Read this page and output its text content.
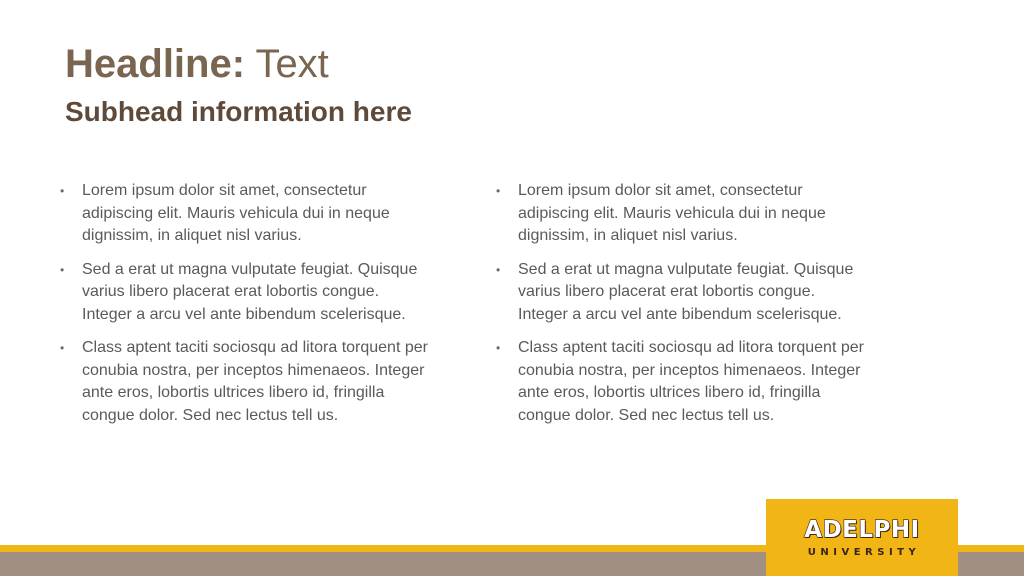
Headline: Text
Subhead information here
•	Lorem ipsum dolor sit amet, consectetur adipiscing elit. Mauris vehicula dui in neque dignissim, in aliquet nisl varius.
•	Sed a erat ut magna vulputate feugiat. Quisque varius libero placerat erat lobortis congue. Integer a arcu vel ante bibendum scelerisque.
•	Class aptent taciti sociosqu ad litora torquent per conubia nostra, per inceptos himenaeos. Integer ante eros, lobortis ultrices libero id, fringilla congue dolor. Sed nec lectus tell us.
•	Lorem ipsum dolor sit amet, consectetur adipiscing elit. Mauris vehicula dui in neque dignissim, in aliquet nisl varius.
•	Sed a erat ut magna vulputate feugiat. Quisque varius libero placerat erat lobortis congue. Integer a arcu vel ante bibendum scelerisque.
•	Class aptent taciti sociosqu ad litora torquent per conubia nostra, per inceptos himenaeos. Integer ante eros, lobortis ultrices libero id, fringilla congue dolor. Sed nec lectus tell us.
ADELPHI
UNIVERSITY
